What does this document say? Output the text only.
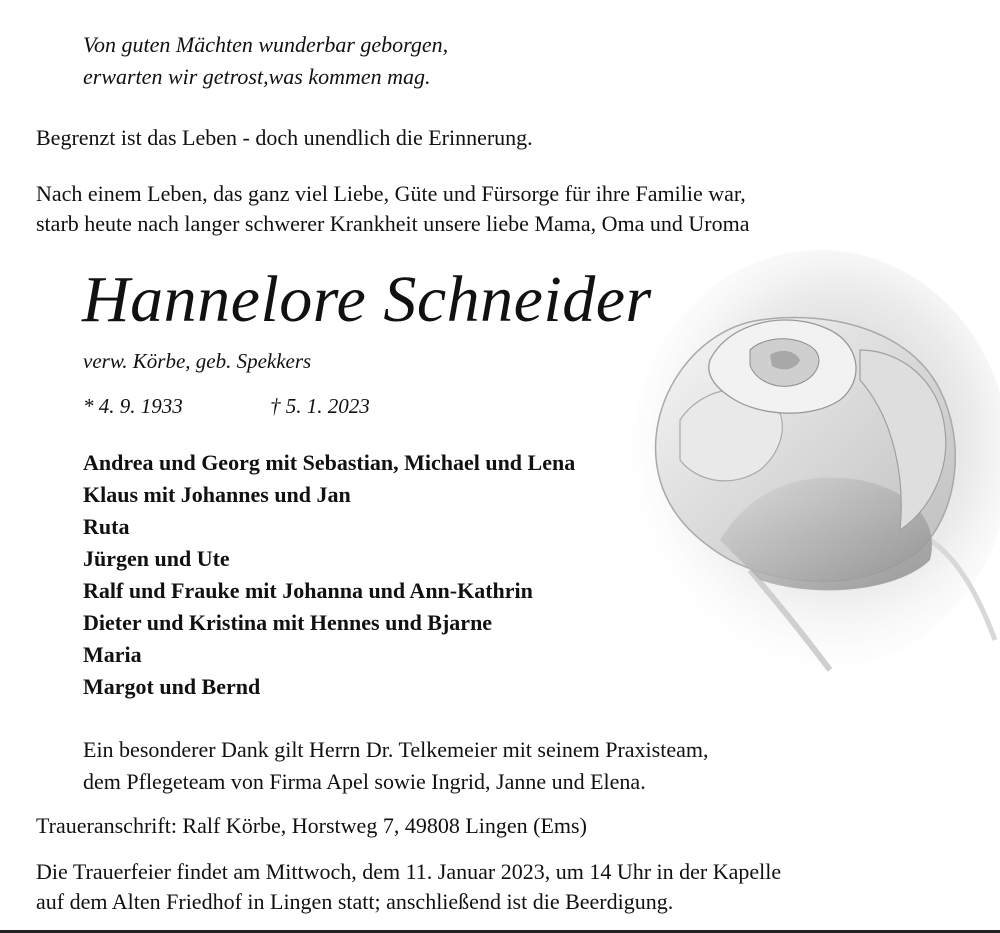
Von guten Mächten wunderbar geborgen,
erwarten wir getrost,was kommen mag.
Begrenzt ist das Leben - doch unendlich die Erinnerung.
Nach einem Leben, das ganz viel Liebe, Güte und Fürsorge für ihre Familie war,
starb heute nach langer schwerer Krankheit unsere liebe Mama, Oma und Uroma
Hannelore Schneider
verw. Körbe, geb. Spekkers
* 4. 9. 1933	† 5. 1. 2023
Andrea und Georg mit Sebastian, Michael und Lena
Klaus mit Johannes und Jan
Ruta
Jürgen und Ute
Ralf und Frauke mit Johanna und Ann-Kathrin
Dieter und Kristina mit Hennes und Bjarne
Maria
Margot und Bernd
Ein besonderer Dank gilt Herrn Dr. Telkemeier mit seinem Praxisteam,
dem Pflegeteam von Firma Apel sowie Ingrid, Janne und Elena.
Traueranschrift: Ralf Körbe, Horstweg 7, 49808 Lingen (Ems)
Die Trauerfeier findet am Mittwoch, dem 11. Januar 2023, um 14 Uhr in der Kapelle
auf dem Alten Friedhof in Lingen statt; anschließend ist die Beerdigung.
